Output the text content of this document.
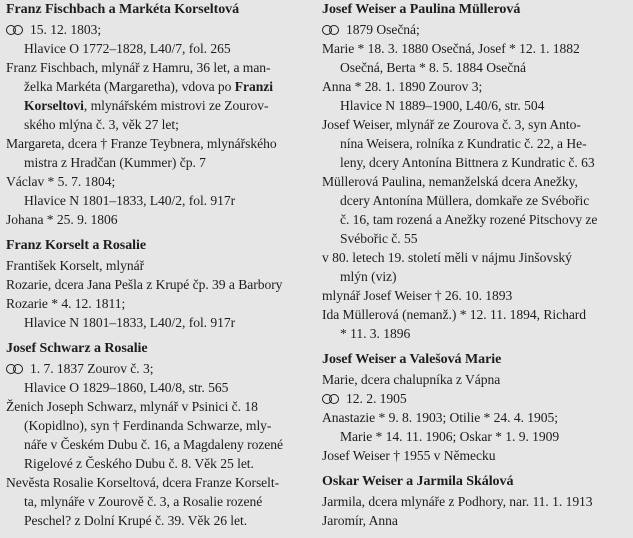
Franz Fischbach a Markéta Korseltová
15. 12. 1803;
Hlavice O 1772–1828, L40/7, fol. 265
Franz Fischbach, mlynář z Hamru, 36 let, a man-
želka Markéta (Margaretha), vdova po Franzi
Korseltovi, mlynářském mistrovi ze Zourov-
ského mlýna č. 3, věk 27 let;
Margareta, dcera † Franze Teybnera, mlynářského
mistra z Hradčan (Kummer) čp. 7
Václav * 5. 7. 1804;
Hlavice N 1801–1833, L40/2, fol. 917r
Johana * 25. 9. 1806
Franz Korselt a Rosalie
František Korselt, mlynář
Rozarie, dcera Jana Pešla z Krupé čp. 39 a Barbory
Rozarie * 4. 12. 1811;
Hlavice N 1801–1833, L40/2, fol. 917r
Josef Schwarz a Rosalie
1. 7. 1837 Zourov č. 3;
Hlavice O 1829–1860, L40/8, str. 565
Ženich Joseph Schwarz, mlynář v Psinici č. 18
(Kopidlno), syn † Ferdinanda Schwarze, mly-
náře v Českém Dubu č. 16, a Magdaleny rozené
Rigelové z Českého Dubu č. 8. Věk 25 let.
Nevěsta Rosalie Korseltová, dcera Franze Korselt-
ta, mlynáře v Zourově č. 3, a Rosalie rozené
Peschel? z Dolní Krupé č. 39. Věk 26 let.
Josef Weiser a Paulina Müllerová
1879 Osečná;
Marie * 18. 3. 1880 Osečná, Josef * 12. 1. 1882
Osečná, Berta * 8. 5. 1884 Osečná
Anna * 28. 1. 1890 Zourov 3;
Hlavice N 1889–1900, L40/6, str. 504
Josef Weiser, mlynář ze Zourova č. 3, syn Anto-
nína Weisera, rolníka z Kundratic č. 22, a He-
leny, dcery Antonína Bittnera z Kundratic č. 63
Müllerová Paulina, nemanželská dcera Anežky,
dcery Antonína Müllera, domkaře ze Svébořic
č. 16, tam rozená a Anežky rozené Pitschovy ze
Svébořic č. 55
v 80. letech 19. století měli v nájmu Jinšovský
mlýn (viz)
mlynář Josef Weiser † 26. 10. 1893
Ida Müllerová (nemanž.) * 12. 11. 1894, Richard
* 11. 3. 1896
Josef Weiser a Valešová Marie
Marie, dcera chalupníka z Vápna
12. 2. 1905
Anastazie * 9. 8. 1903; Otilie * 24. 4. 1905;
Marie * 14. 11. 1906; Oskar * 1. 9. 1909
Josef Weiser † 1955 v Německu
Oskar Weiser a Jarmila Skálová
Jarmila, dcera mlynáře z Podhory, nar. 11. 1. 1913
Jaromír, Anna
